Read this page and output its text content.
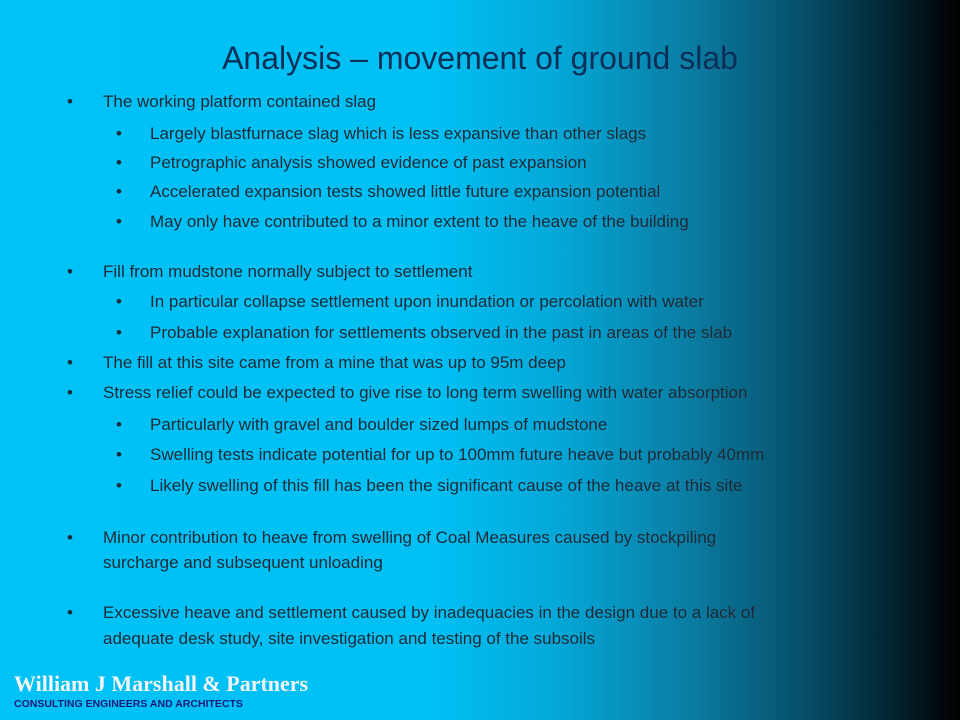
Analysis – movement of ground slab
• The working platform contained slag
• Largely blastfurnace slag which is less expansive than other slags
• Petrographic analysis showed evidence of past expansion
• Accelerated expansion tests showed little future expansion potential
• May only have contributed to a minor extent to the heave of the building
• Fill from mudstone normally subject to settlement
• In particular collapse settlement upon inundation or percolation with water
• Probable explanation for settlements observed in the past in areas of the slab
• The fill at this site came from a mine that was up to 95m deep
• Stress relief could be expected to give rise to long term swelling with water absorption
• Particularly with gravel and boulder sized lumps of mudstone
• Swelling tests indicate potential for up to 100mm future heave but probably 40mm
• Likely swelling of this fill has been the significant cause of the heave at this site
• Minor contribution to heave from swelling of Coal Measures caused by stockpiling
surcharge and subsequent unloading
• Excessive heave and settlement caused by inadequacies in the design due to a lack of
adequate desk study, site investigation and testing of the subsoils
William J Marshall & Partners
CONSULTING ENGINEERS AND ARCHITECTS
